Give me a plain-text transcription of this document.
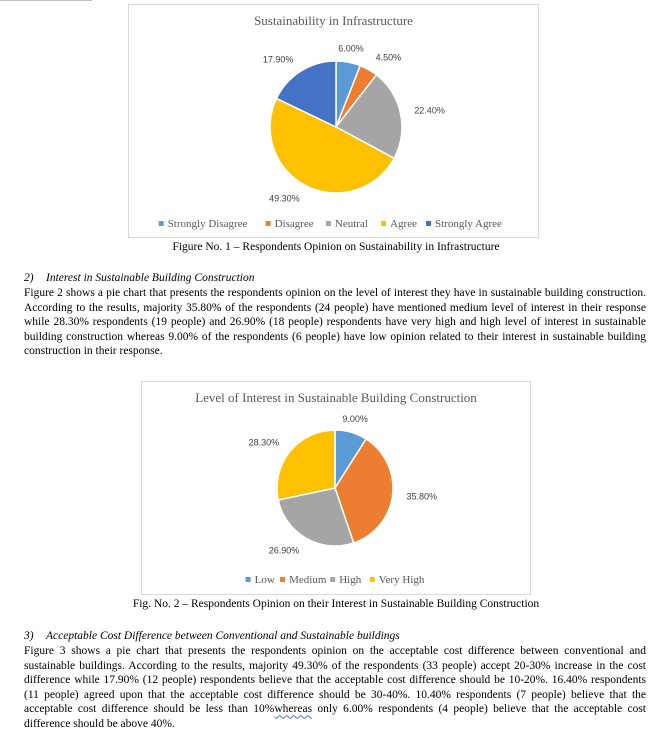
Sustainability in Infrastructure
6.00%
4.50%
22.40%
49.30%
17.90%
Strongly Disagree Disagree Neutral Agree Strongly Agree
Figure No. 1 – Respondents Opinion on Sustainability in Infrastructure
2) Interest in Sustainable Building Construction

Figure 2 shows a pie chart that presents the respondents opinion on the level of interest they have in sustainable building construction. According to the results, majority 35.80% of the respondents (24 people) have mentioned medium level of interest in their response while 28.30% respondents (19 people) and 26.90% (18 people) respondents have very high and high level of interest in sustainable building construction whereas 9.00% of the respondents (6 people) have low opinion related to their interest in sustainable building construction in their response.

Level of Interest in Sustainable Building Construction
9.00%
35.80%
26.90%
28.30%
Low Medium High Very High
Fig. No. 2 – Respondents Opinion on their Interest in Sustainable Building Construction
3) Acceptable Cost Difference between Conventional and Sustainable buildings

Figure 3 shows a pie chart that presents the respondents opinion on the acceptable cost difference between conventional and sustainable buildings. According to the results, majority 49.30% of the respondents (33 people) accept 20-30% increase in the cost difference while 17.90% (12 people) respondents believe that the acceptable cost difference should be 10-20%. 16.40% respondents (11 people) agreed upon that the acceptable cost difference should be 30-40%. 10.40% respondents (7 people) believe that the acceptable cost difference should be less than 10%whereas only 6.00% respondents (4 people) believe that the acceptable cost difference should be above 40%.
